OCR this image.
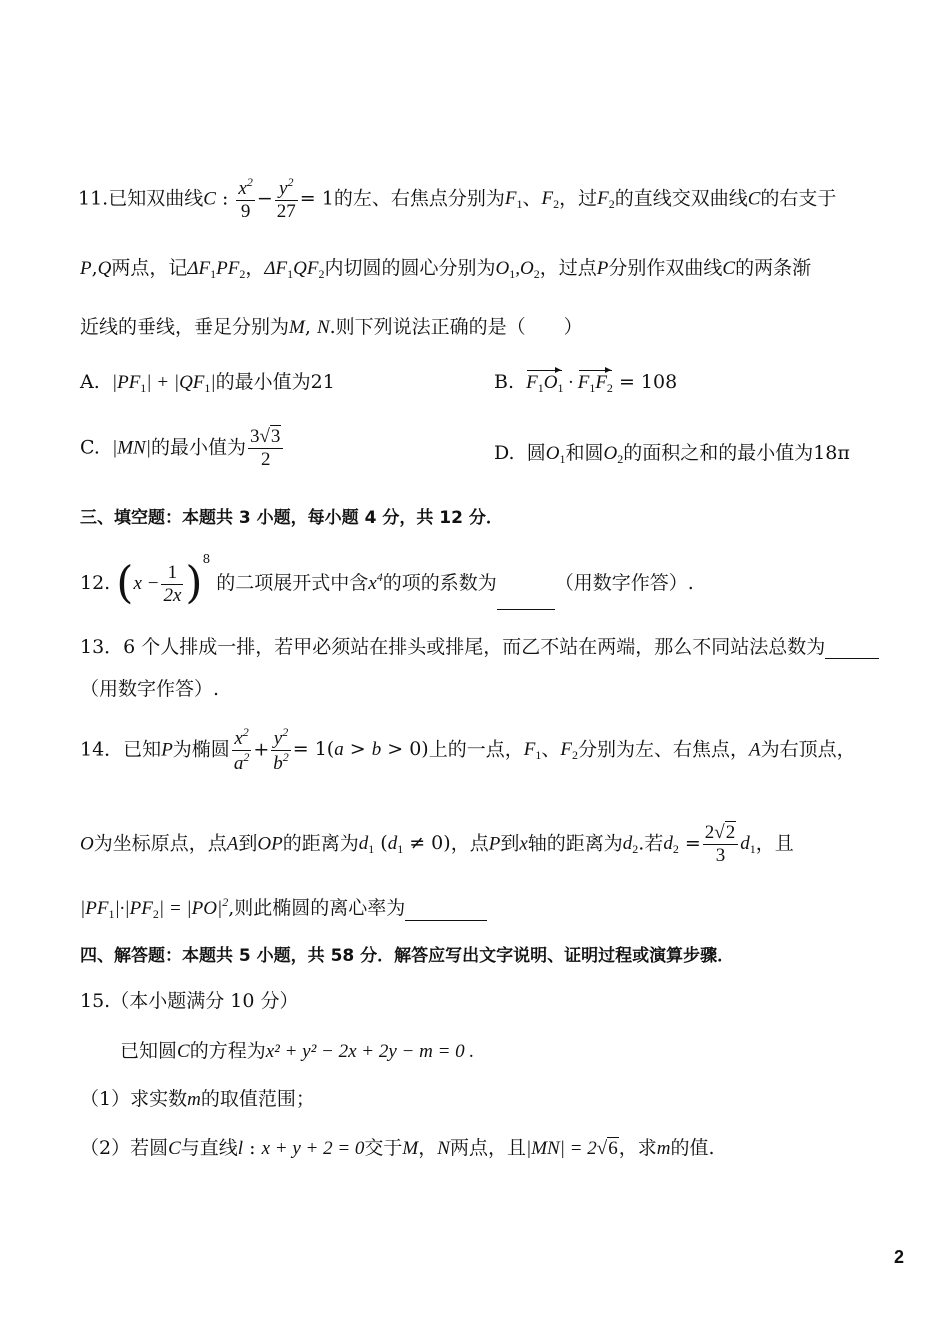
11.已知双曲线C : $\frac{x^2}{9} - \frac{y^2}{27} = 1$的左、右焦点分别为$F_1$、$F_2$，过$F_2$的直线交双曲线C的右支于
P,Q两点，记$\Delta F_1PF_2$，$\Delta F_1QF_2$内切圆的圆心分别为$O_1,O_2$，过点P分别作双曲线C的两条渐
近线的垂线，垂足分别为M, N.则下列说法正确的是（　　）
A. $|PF_1| + |QF_1|$的最小值为21	B. $F_1O_1 \cdot F_1F_2 = 108$
C. |MN|的最小值为 $\frac{3√3}{2}$	D. 圆$O_1$和圆$O_2$的面积之和的最小值为18π
三、填空题：本题共 3 小题，每小题 4 分，共 12 分．
12. $(x - \frac{1}{2x} )^8$ 的二项展开式中含$x^4$的项的系数为	（用数字作答）.
13．6 个人排成一排，若甲必须站在排头或排尾，而乙不站在两端，那么不同站法总数为
（用数字作答）.
14．已知P为椭圆 $\frac{x^2}{a^2} + \frac{y^2}{b^2} = 1(a > b > 0)$上的一点，$F_1$、$F_2$分别为左、右焦点，A为右顶点，
O为坐标原点，点A到OP的距离为$d_1$ $(d_1 \ne 0)$，点P到x轴的距离为$d_2$.若$d_2 = \frac{2√2}{3} d_1$，且
$|PF_1|\cdot|PF_2| = |PO|^2$,则此椭圆的离心率为
四、解答题：本题共 5 小题，共 58 分．解答应写出文字说明、证明过程或演算步骤．
15.（本小题满分 10 分）
已知圆C的方程为x² + y² − 2x + 2y − m = 0 .
（1）求实数m的取值范围；
（2）若圆C与直线l : x + y + 2 = 0交于M，N两点，且|MN| = 2√6，求m的值.
2
